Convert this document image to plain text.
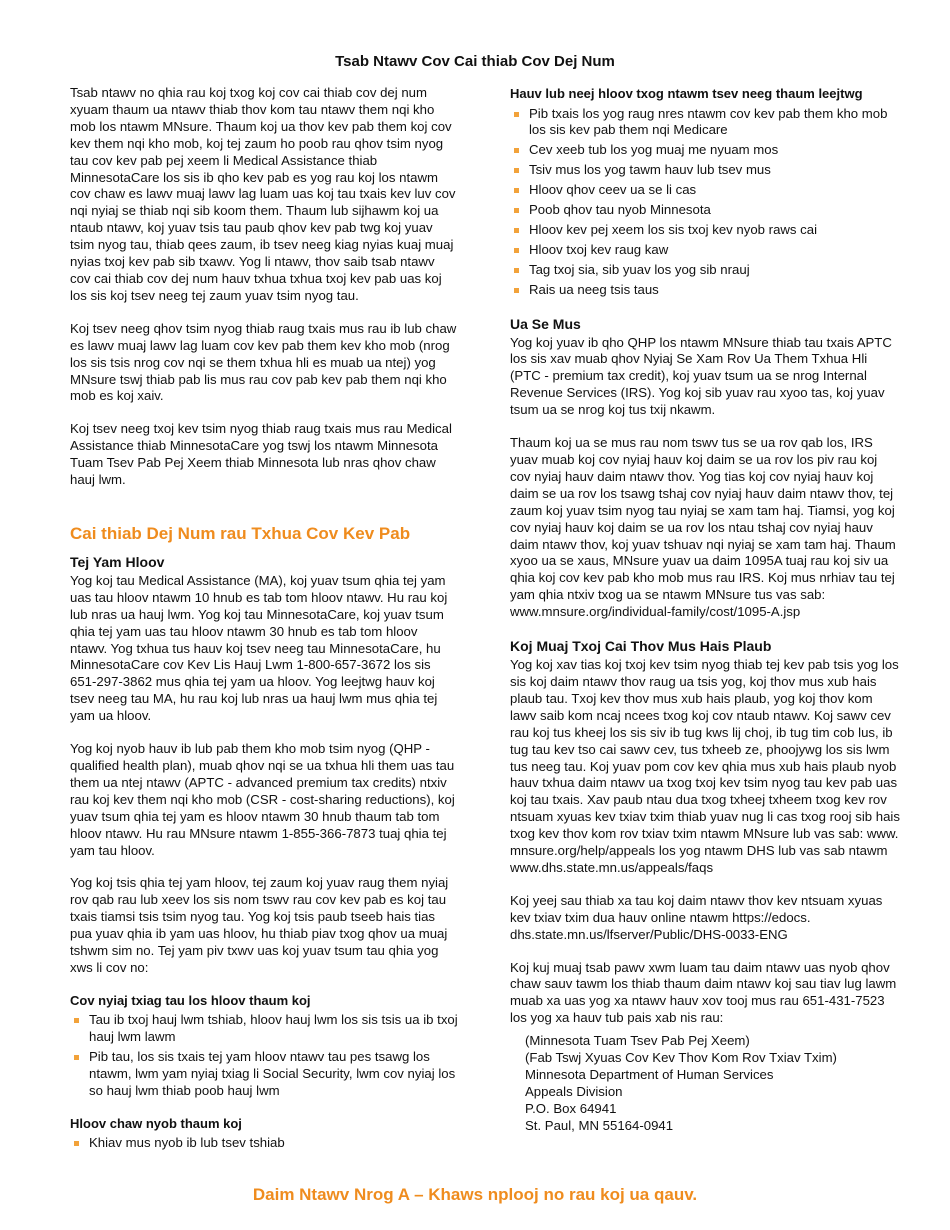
Tsab Ntawv Cov Cai thiab Cov Dej Num

Tsab ntawv no qhia rau koj txog koj cov cai thiab cov dej num xyuam thaum ua ntawv thiab thov kom tau ntawv them nqi kho mob los ntawm MNsure. Thaum koj ua thov kev pab them koj cov kev them nqi kho mob, koj tej zaum ho poob rau qhov tsim nyog tau cov kev pab pej xeem li Medical Assistance thiab MinnesotaCare los sis ib qho kev pab es yog rau koj los ntawm cov chaw es lawv muaj lawv lag luam uas koj tau txais kev luv cov nqi nyiaj se thiab nqi sib koom them. Thaum lub sijhawm koj ua ntaub ntawv, koj yuav tsis tau paub qhov kev pab twg koj yuav tsim nyog tau, thiab qees zaum, ib tsev neeg kiag nyias kuaj muaj nyias txoj kev pab sib txawv. Yog li ntawv, thov saib tsab ntawv cov cai thiab cov dej num hauv txhua txhua txoj kev pab uas koj los sis koj tsev neeg tej zaum yuav tsim nyog tau.

Koj tsev neeg qhov tsim nyog thiab raug txais mus rau ib lub chaw es lawv muaj lawv lag luam cov kev pab them kev kho mob (nrog los sis tsis nrog cov nqi se them txhua hli es muab ua ntej) yog MNsure tswj thiab pab lis mus rau cov pab kev pab them nqi kho mob es koj xaiv.

Koj tsev neeg txoj kev tsim nyog thiab raug txais mus rau Medical Assistance thiab MinnesotaCare yog tswj los ntawm Minnesota Tuam Tsev Pab Pej Xeem thiab Minnesota lub nras qhov chaw hauj lwm.

Cai thiab Dej Num rau Txhua Cov Kev Pab
Tej Yam Hloov

Yog koj tau Medical Assistance (MA), koj yuav tsum qhia tej yam uas tau hloov ntawm 10 hnub es tab tom hloov ntawv. Hu rau koj lub nras ua hauj lwm. Yog koj tau MinnesotaCare, koj yuav tsum qhia tej yam uas tau hloov ntawm 30 hnub es tab tom hloov ntawv. Yog txhua tus hauv koj tsev neeg tau MinnesotaCare, hu MinnesotaCare cov Kev Lis Hauj Lwm 1-800-657-3672 los sis 651-297-3862 mus qhia tej yam ua hloov. Yog leejtwg hauv koj tsev neeg tau MA, hu rau koj lub nras ua hauj lwm mus qhia tej yam ua hloov.

Yog koj nyob hauv ib lub pab them kho mob tsim nyog (QHP - qualified health plan), muab qhov nqi se ua txhua hli them uas tau them ua ntej ntawv (APTC - advanced premium tax credits) ntxiv rau koj kev them nqi kho mob (CSR - cost-sharing reductions), koj yuav tsum qhia tej yam es hloov ntawm 30 hnub thaum tab tom hloov ntawv. Hu rau MNsure ntawm 1-855-366-7873 tuaj qhia tej yam tau hloov.

Yog koj tsis qhia tej yam hloov, tej zaum koj yuav raug them nyiaj rov qab rau lub xeev los sis nom tswv rau cov kev pab es koj tau txais tiamsi tsis tsim nyog tau. Yog koj tsis paub tseeb hais tias pua yuav qhia ib yam uas hloov, hu thiab piav txog qhov ua muaj tshwm sim no. Tej yam piv txwv uas koj yuav tsum tau qhia yog xws li cov no:

Cov nyiaj txiag tau los hloov thaum koj
Tau ib txoj hauj lwm tshiab, hloov hauj lwm los sis tsis ua ib txoj hauj lwm lawm
Pib tau, los sis txais tej yam hloov ntawv tau pes tsawg los ntawm, lwm yam nyiaj txiag li Social Security, lwm cov nyiaj los so hauj lwm thiab poob hauj lwm
Hloov chaw nyob thaum koj
Khiav mus nyob ib lub tsev tshiab
Hauv lub neej hloov txog ntawm tsev neeg thaum leejtwg
Pib txais los yog raug nres ntawm cov kev pab them kho mob los sis kev pab them nqi Medicare
Cev xeeb tub los yog muaj me nyuam mos
Tsiv mus los yog tawm hauv lub tsev mus
Hloov qhov ceev ua se li cas
Poob qhov tau nyob Minnesota
Hloov kev pej xeem los sis txoj kev nyob raws cai
Hloov txoj kev raug kaw
Tag txoj sia, sib yuav los yog sib nrauj
Rais ua neeg tsis taus
Ua Se Mus

Yog koj yuav ib qho QHP los ntawm MNsure thiab tau txais APTC los sis xav muab qhov Nyiaj Se Xam Rov Ua Them Txhua Hli (PTC - premium tax credit), koj yuav tsum ua se nrog Internal Revenue Services (IRS). Yog koj sib yuav rau xyoo tas, koj yuav tsum ua se nrog koj tus txij nkawm.

Thaum koj ua se mus rau nom tswv tus se ua rov qab los, IRS yuav muab koj cov nyiaj hauv koj daim se ua rov los piv rau koj cov nyiaj hauv daim ntawv thov. Yog tias koj cov nyiaj hauv koj daim se ua rov los tsawg tshaj cov nyiaj hauv daim ntawv thov, tej zaum koj yuav tsim nyog tau nyiaj se xam tam haj. Tiamsi, yog koj cov nyiaj hauv koj daim se ua rov los ntau tshaj cov nyiaj hauv daim ntawv thov, koj yuav tshuav nqi nyiaj se xam tam haj. Thaum xyoo ua se xaus, MNsure yuav ua daim 1095A tuaj rau koj siv ua qhia koj cov kev pab kho mob mus rau IRS. Koj mus nrhiav tau tej yam qhia ntxiv txog ua se ntawm MNsure tus vas sab: www.mnsure.org/individual-family/cost/1095-A.jsp

Koj Muaj Txoj Cai Thov Mus Hais Plaub

Yog koj xav tias koj txoj kev tsim nyog thiab tej kev pab tsis yog los sis koj daim ntawv thov raug ua tsis yog, koj thov mus xub hais plaub tau. Txoj kev thov mus xub hais plaub, yog koj thov kom lawv saib kom ncaj ncees txog koj cov ntaub ntawv. Koj sawv cev rau koj tus kheej los sis siv ib tug kws lij choj, ib tug tim cob lus, ib tug tau kev tso cai sawv cev, tus txheeb ze, phoojywg los sis lwm tus neeg tau. Koj yuav pom cov kev qhia mus xub hais plaub nyob hauv txhua daim ntawv ua txog txoj kev tsim nyog tau kev pab uas koj tau txais. Xav paub ntau dua txog txheej txheem txog kev rov ntsuam xyuas kev txiav txim thiab yuav nug li cas txog rooj sib hais txog kev thov kom rov txiav txim ntawm MNsure lub vas sab: www. mnsure.org/help/appeals los yog ntawm DHS lub vas sab ntawm www.dhs.state.mn.us/appeals/faqs

Koj yeej sau thiab xa tau koj daim ntawv thov kev ntsuam xyuas kev txiav txim dua hauv online ntawm https://edocs. dhs.state.mn.us/lfserver/Public/DHS-0033-ENG

Koj kuj muaj tsab pawv xwm luam tau daim ntawv uas nyob qhov chaw sauv tawm los thiab thaum daim ntawv koj sau tiav lug lawm muab xa uas yog xa ntawv hauv xov tooj mus rau 651-431-7523 los yog xa hauv tub pais xab nis rau:

(Minnesota Tuam Tsev Pab Pej Xeem)
(Fab Tswj Xyuas Cov Kev Thov Kom Rov Txiav Txim)
Minnesota Department of Human Services
Appeals Division
P.O. Box 64941
St. Paul, MN 55164-0941
Daim Ntawv Nrog A – Khaws nplooj no rau koj ua qauv.
